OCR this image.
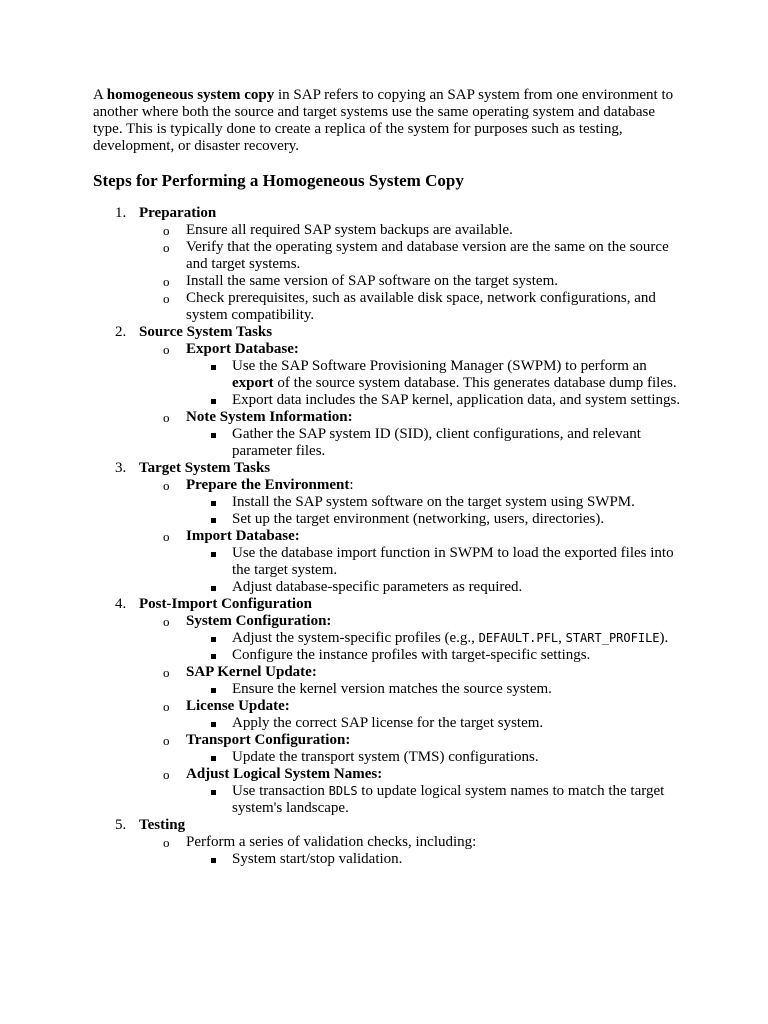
A homogeneous system copy in SAP refers to copying an SAP system from one environment to another where both the source and target systems use the same operating system and database type. This is typically done to create a replica of the system for purposes such as testing, development, or disaster recovery.

Steps for Performing a Homogeneous System Copy
1. Preparation
o Ensure all required SAP system backups are available.
o Verify that the operating system and database version are the same on the source and target systems.
o Install the same version of SAP software on the target system.
o Check prerequisites, such as available disk space, network configurations, and system compatibility.
2. Source System Tasks
o Export Database:
Use the SAP Software Provisioning Manager (SWPM) to perform an export of the source system database. This generates database dump files.
Export data includes the SAP kernel, application data, and system settings.
o Note System Information:
Gather the SAP system ID (SID), client configurations, and relevant parameter files.
3. Target System Tasks
o Prepare the Environment:
Install the SAP system software on the target system using SWPM.
Set up the target environment (networking, users, directories).
o Import Database:
Use the database import function in SWPM to load the exported files into the target system.
Adjust database-specific parameters as required.
4. Post-Import Configuration
o System Configuration:
Adjust the system-specific profiles (e.g., DEFAULT.PFL, START_PROFILE).
Configure the instance profiles with target-specific settings.
o SAP Kernel Update:
Ensure the kernel version matches the source system.
o License Update:
Apply the correct SAP license for the target system.
o Transport Configuration:
Update the transport system (TMS) configurations.
o Adjust Logical System Names:
Use transaction BDLS to update logical system names to match the target system's landscape.
5. Testing
o Perform a series of validation checks, including:
System start/stop validation.
